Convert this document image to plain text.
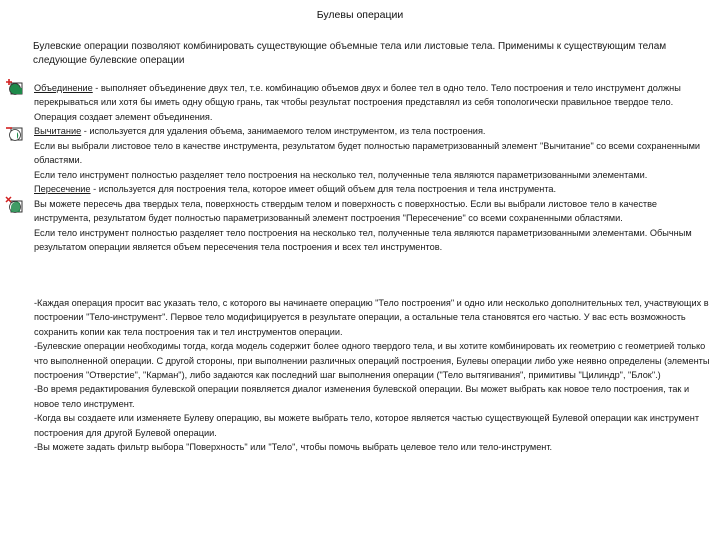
Булевы операции

Булевские операции позволяют комбинировать существующие объемные тела или листовые тела. Применимы к существующим телам следующие булевские операции

Объединение - выполняет объединение двух тел, т.е. комбинацию объемов двух и более тел в одно тело. Тело построения и тело инструмент должны перекрываться или хотя бы иметь одну общую грань, так чтобы результат построения представлял из себя топологически правильное твердое тело. Операция создает элемент объединения.

Вычитание - используется для удаления объема, занимаемого телом инструментом, из тела построения.

Если вы выбрали листовое тело в качестве инструмента, результатом будет полностью параметризованный элемент "Вычитание" со всеми сохраненными областями.

Если тело инструмент полностью разделяет тело построения на несколько тел, полученные тела являются параметризованными элементами.

Пересечение - используется для построения тела, которое имеет общий объем для тела построения и тела инструмента.

Вы можете пересечь два твердых тела, поверхность ствердым телом и поверхность с поверхностью. Если вы выбрали листовое тело в качестве инструмента, результатом будет полностью параметризованный элемент построения "Пересечение" со всеми сохраненными областями.

Если тело инструмент полностью разделяет тело построения на несколько тел, полученные тела являются параметризованными элементами. Обычным результатом операции является объем пересечения тела построения и всех тел инструментов.

-Каждая операция просит вас указать тело, с которого вы начинаете операцию "Тело построения" и одно или несколько дополнительных тел, участвующих в построении "Тело-инструмент". Первое тело модифицируется в результате операции, а остальные тела становятся его частью. У вас есть возможность сохранить копии как тела построения так и тел инструментов операции.

-Булевские операции необходимы тогда, когда модель содержит более одного твердого тела, и вы хотите комбинировать их геометрию с геометрией только что выполненной операции. С другой стороны, при выполнении различных операций построения, Булевы операции либо уже неявно определены (элементы построения "Отверстие", "Карман"), либо задаются как последний шаг выполнения операции ("Тело вытягивания", примитивы "Цилиндр", "Блок".)

-Во время редактирования булевской операции появляется диалог изменения булевской операции. Вы может выбрать как новое тело построения, так и новое тело инструмент.

-Когда вы создаете или изменяете Булеву операцию, вы можете выбрать тело, которое является частью существующей Булевой операции как инструмент построения для другой Булевой операции.

-Вы можете задать фильтр выбора "Поверхность" или "Тело", чтобы помочь выбрать целевое тело или тело-инструмент.
